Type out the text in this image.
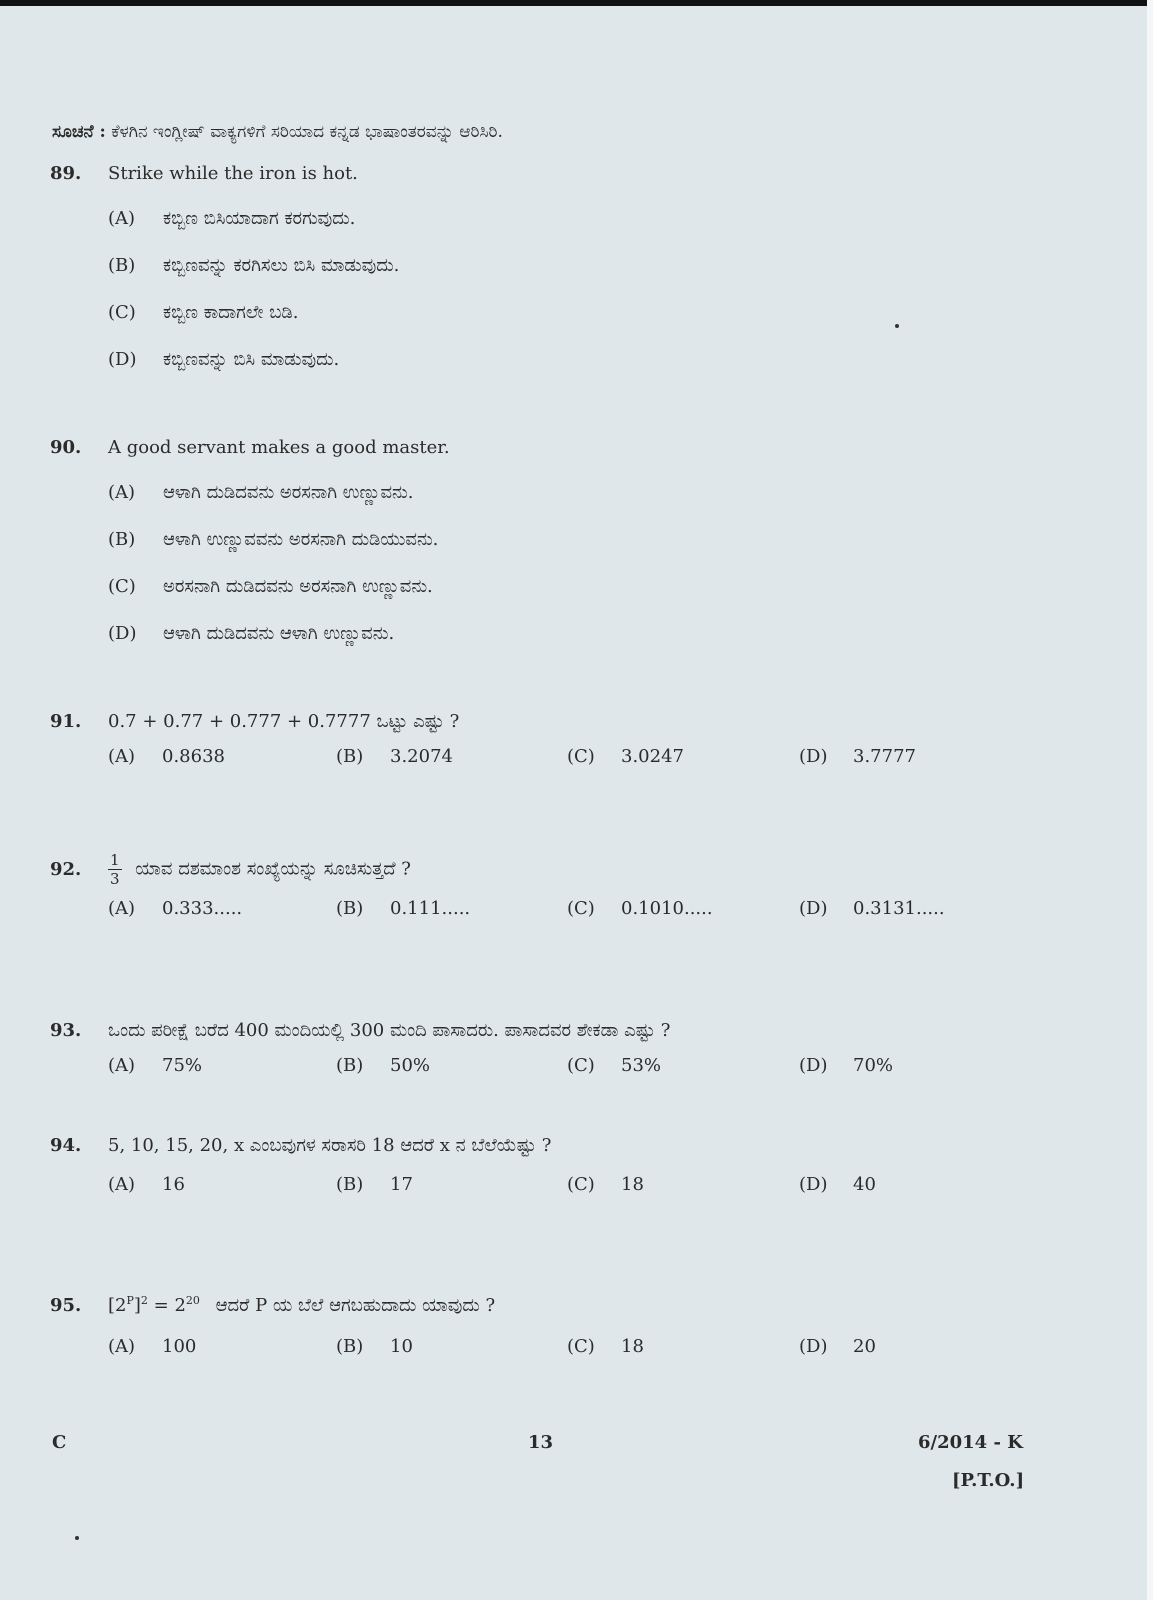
ಸೂಚನೆ : ಕೆಳಗಿನ ಇಂಗ್ಲೀಷ್ ವಾಕ್ಯಗಳಿಗೆ ಸರಿಯಾದ ಕನ್ನಡ ಭಾಷಾಂತರವನ್ನು ಆರಿಸಿರಿ.
89.	Strike while the iron is hot.
(A)	ಕಬ್ಬಿಣ ಬಿಸಿಯಾದಾಗ ಕರಗುವುದು.
(B)	ಕಬ್ಬಿಣವನ್ನು ಕರಗಿಸಲು ಬಿಸಿ ಮಾಡುವುದು.
(C)	ಕಬ್ಬಿಣ ಕಾದಾಗಲೇ ಬಡಿ.
(D)	ಕಬ್ಬಿಣವನ್ನು ಬಿಸಿ ಮಾಡುವುದು.
90.	A good servant makes a good master.
(A)	ಆಳಾಗಿ ದುಡಿದವನು ಅರಸನಾಗಿ ಉಣ್ಣುವನು.
(B)	ಆಳಾಗಿ ಉಣ್ಣುವವನು ಅರಸನಾಗಿ ದುಡಿಯುವನು.
(C)	ಅರಸನಾಗಿ ದುಡಿದವನು ಅರಸನಾಗಿ ಉಣ್ಣುವನು.
(D)	ಆಳಾಗಿ ದುಡಿದವನು ಆಳಾಗಿ ಉಣ್ಣುವನು.
91.	0.7 + 0.77 + 0.777 + 0.7777 ಒಟ್ಟು ಎಷ್ಟು ?
(A)	0.8638	(B)	3.2074	(C)	3.0247	(D)	3.7777
92.	$\frac{1}{3}$ ಯಾವ ದಶಮಾಂಶ ಸಂಖ್ಯೆಯನ್ನು ಸೂಚಿಸುತ್ತದೆ ?
(A)	0.333.....	(B)	0.111.....	(C)	0.1010.....	(D)	0.3131.....
93.	ಒಂದು ಪರೀಕ್ಷೆ ಬರೆದ 400 ಮಂದಿಯಲ್ಲಿ 300 ಮಂದಿ ಪಾಸಾದರು. ಪಾಸಾದವರ ಶೇಕಡಾ ಎಷ್ಟು ?
(A)	75%	(B)	50%	(C)	53%	(D)	70%
94.	5, 10, 15, 20, x ಎಂಬವುಗಳ ಸರಾಸರಿ 18 ಆದರೆ x ನ ಬೆಲೆಯೆಷ್ಟು ?
(A)	16	(B)	17	(C)	18	(D)	40
95.	$[2^P]^2 = 2^{20}$ ಆದರೆ P ಯ ಬೆಲೆ ಆಗಬಹುದಾದು ಯಾವುದು ?
(A)	100	(B)	10	(C)	18	(D)	20
C	13	6/2014 - K
[P.T.O.]
